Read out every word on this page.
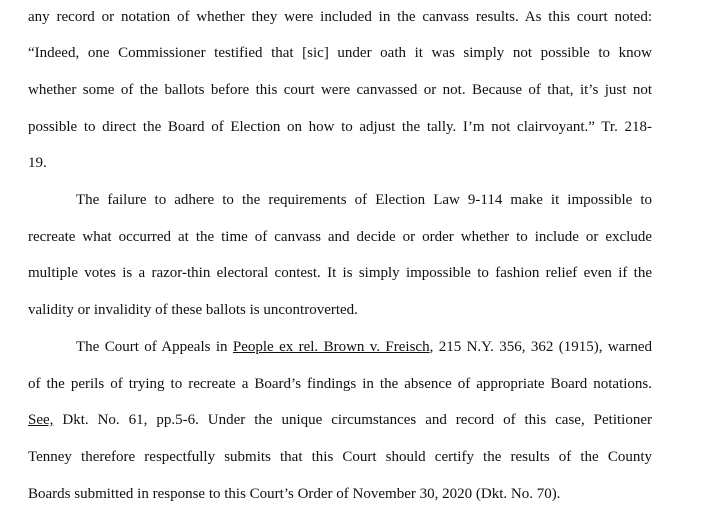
any record or notation of whether they were included in the canvass results. As this court noted:
“Indeed, one Commissioner testified that [sic] under oath it was simply not possible to know
whether some of the ballots before this court were canvassed or not. Because of that, it’s just not
possible to direct the Board of Election on how to adjust the tally. I’m not clairvoyant.” Tr. 218-
19.
The failure to adhere to the requirements of Election Law 9-114 make it impossible to
recreate what occurred at the time of canvass and decide or order whether to include or exclude
multiple votes is a razor-thin electoral contest. It is simply impossible to fashion relief even if the
validity or invalidity of these ballots is uncontroverted.
The Court of Appeals in People ex rel. Brown v. Freisch, 215 N.Y. 356, 362 (1915), warned
of the perils of trying to recreate a Board’s findings in the absence of appropriate Board notations.
See, Dkt. No. 61, pp.5-6. Under the unique circumstances and record of this case, Petitioner
Tenney therefore respectfully submits that this Court should certify the results of the County
Boards submitted in response to this Court’s Order of November 30, 2020 (Dkt. No. 70).
